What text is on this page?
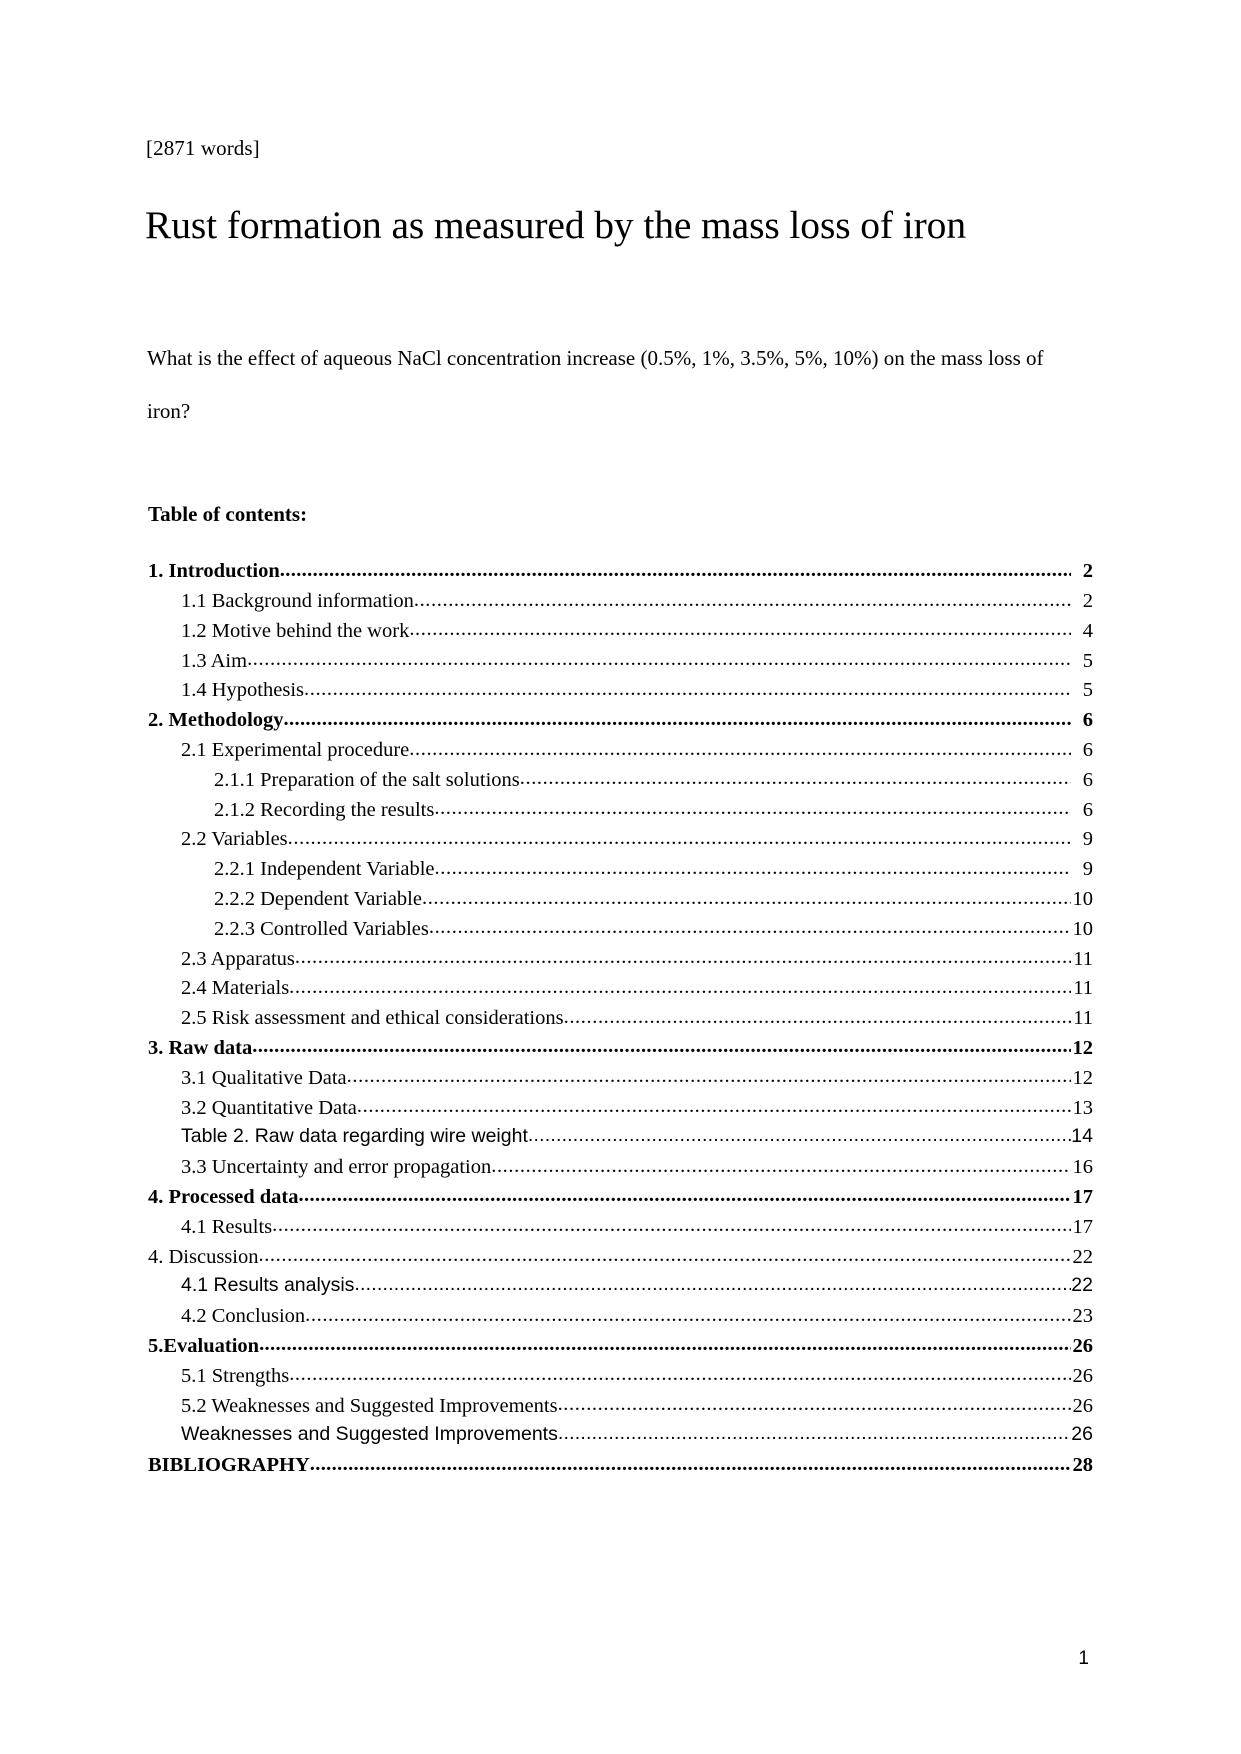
[2871 words]
Rust formation as measured by the mass loss of iron

What is the effect of aqueous NaCl concentration increase (0.5%, 1%, 3.5%, 5%, 10%) on the mass loss of iron?

Table of contents:
1. Introduction .....	2
1.1 Background information .....	2
1.2 Motive behind the work .....	4
1.3 Aim .....	5
1.4 Hypothesis .....	5
2. Methodology .....	6
2.1 Experimental procedure .....	6
2.1.1 Preparation of the salt solutions .....	6
2.1.2 Recording the results .....	6
2.2 Variables .....	9
2.2.1 Independent Variable .....	9
2.2.2 Dependent Variable .....	10
2.2.3 Controlled Variables .....	10
2.3 Apparatus .....	11
2.4 Materials .....	11
2.5 Risk assessment and ethical considerations .....	11
3. Raw data .....	12
3.1 Qualitative Data .....	12
3.2 Quantitative Data .....	13
Table 2. Raw data regarding wire weight .....	14
3.3 Uncertainty and error propagation .....	16
4. Processed data .....	17
4.1 Results .....	17
4. Discussion .....	22
4.1 Results analysis .....	22
4.2 Conclusion .....	23
5.Evaluation .....	26
5.1 Strengths .....	26
5.2 Weaknesses and Suggested Improvements .....	26
Weaknesses and Suggested Improvements .....	26
BIBLIOGRAPHY .....	28
1
